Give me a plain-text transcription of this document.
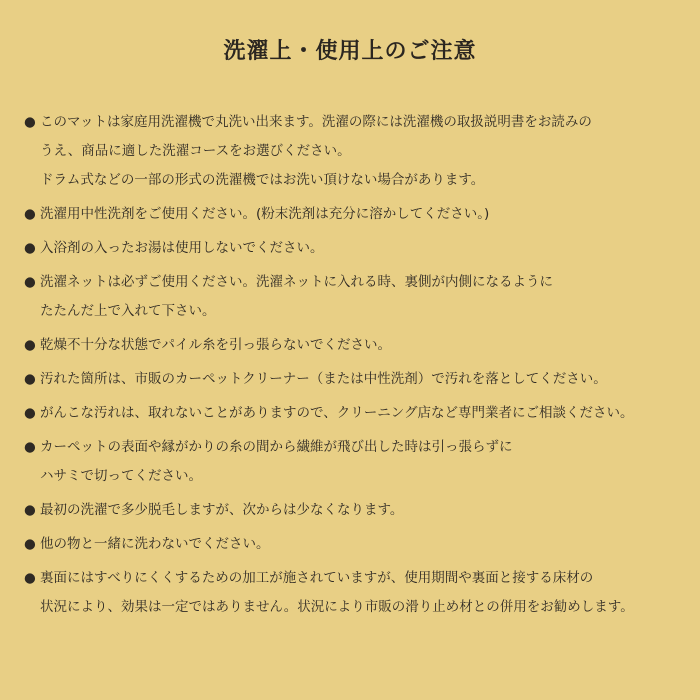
洗濯上・使用上のご注意
● このマットは家庭用洗濯機で丸洗い出来ます。洗濯の際には洗濯機の取扱説明書をお読みの
うえ、商品に適した洗濯コースをお選びください。
ドラム式などの一部の形式の洗濯機ではお洗い頂けない場合があります。
● 洗濯用中性洗剤をご使用ください。(粉末洗剤は充分に溶かしてください。)
● 入浴剤の入ったお湯は使用しないでください。
● 洗濯ネットは必ずご使用ください。洗濯ネットに入れる時、裏側が内側になるように
たたんだ上で入れて下さい。
● 乾燥不十分な状態でパイル糸を引っ張らないでください。
● 汚れた箇所は、市販のカーペットクリーナー（または中性洗剤）で汚れを落としてください。
● がんこな汚れは、取れないことがありますので、クリーニング店など専門業者にご相談ください。
● カーペットの表面や縁がかりの糸の間から繊維が飛び出した時は引っ張らずに
ハサミで切ってください。
● 最初の洗濯で多少脱毛しますが、次からは少なくなります。
● 他の物と一緒に洗わないでください。
● 裏面にはすべりにくくするための加工が施されていますが、使用期間や裏面と接する床材の
状況により、効果は一定ではありません。状況により市販の滑り止め材との併用をお勧めします。
